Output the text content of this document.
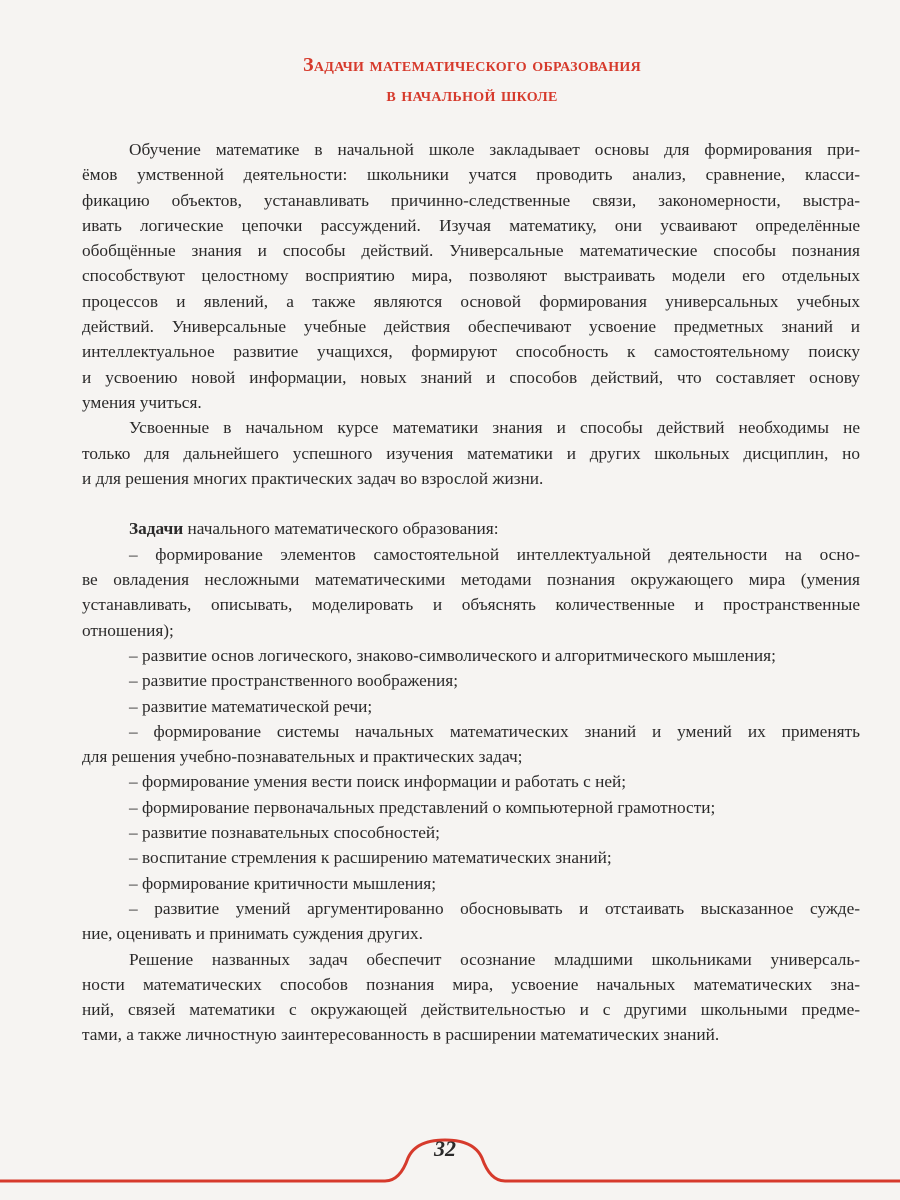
Задачи математического образования
в начальной школе
Обучение математике в начальной школе закладывает основы для формирования при-
ёмов умственной деятельности: школьники учатся проводить анализ, сравнение, класси-
фикацию объектов, устанавливать причинно-следственные связи, закономерности, выстра-
ивать логические цепочки рассуждений. Изучая математику, они усваивают определённые
обобщённые знания и способы действий. Универсальные математические способы познания
способствуют целостному восприятию мира, позволяют выстраивать модели его отдельных
процессов и явлений, а также являются основой формирования универсальных учебных
действий. Универсальные учебные действия обеспечивают усвоение предметных знаний и
интеллектуальное развитие учащихся, формируют способность к самостоятельному поиску
и усвоению новой информации, новых знаний и способов действий, что составляет основу
умения учиться.
Усвоенные в начальном курсе математики знания и способы действий необходимы не
только для дальнейшего успешного изучения математики и других школьных дисциплин, но
и для решения многих практических задач во взрослой жизни.
Задачи начального математического образования:
– формирование элементов самостоятельной интеллектуальной деятельности на осно-
ве овладения несложными математическими методами познания окружающего мира (умения
устанавливать, описывать, моделировать и объяснять количественные и пространственные
отношения);
– развитие основ логического, знаково-символического и алгоритмического мышления;
– развитие пространственного воображения;
– развитие математической речи;
– формирование системы начальных математических знаний и умений их применять
для решения учебно-познавательных и практических задач;
– формирование умения вести поиск информации и работать с ней;
– формирование первоначальных представлений о компьютерной грамотности;
– развитие познавательных способностей;
– воспитание стремления к расширению математических знаний;
– формирование критичности мышления;
– развитие умений аргументированно обосновывать и отстаивать высказанное сужде-
ние, оценивать и принимать суждения других.
Решение названных задач обеспечит осознание младшими школьниками универсаль-
ности математических способов познания мира, усвоение начальных математических зна-
ний, связей математики с окружающей действительностью и с другими школьными предме-
тами, а также личностную заинтересованность в расширении математических знаний.
32
